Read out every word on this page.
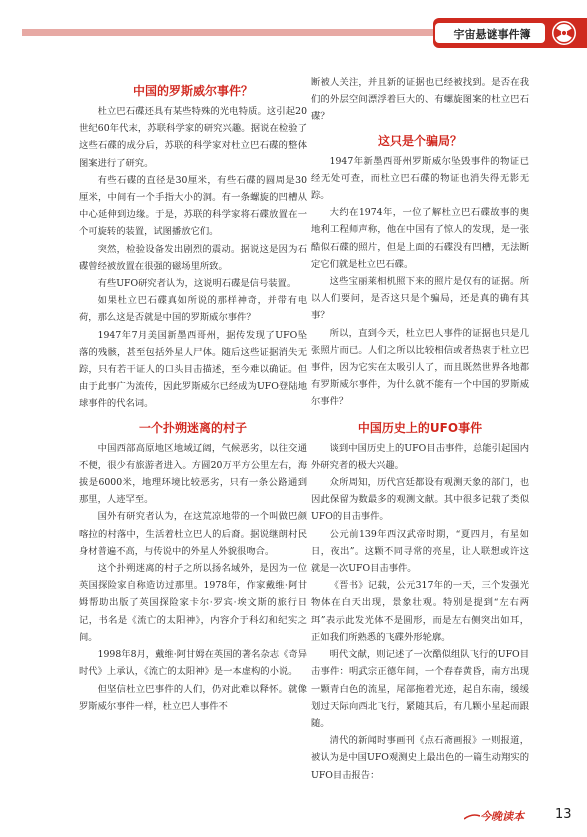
宇宙悬谜事件簿
中国的罗斯威尔事件？

杜立巴石碟还具有某些特殊的光电特质。这引起20世纪60年代末，苏联科学家的研究兴趣。据说在检验了这些石碟的成分后，苏联的科学家对杜立巴石碟的整体图案进行了研究。

有些石碟的直径是30厘米，有些石碟的圆周是30厘米，中间有一个手指大小的洞。有一条螺旋的凹槽从中心延伸到边缘。于是，苏联的科学家将石碟放置在一个可旋转的装置，试图播放它们。

突然，检验设备发出剧烈的震动。据说这是因为石碟曾经被放置在很强的磁场里所致。

有些UFO研究者认为，这说明石碟是信号装置。

如果杜立巴石碟真如所说的那样神奇，并带有电荷，那么这是否就是中国的罗斯威尔事件？

1947年7月美国新墨西哥州，据传发现了UFO坠落的残骸，甚至包括外星人尸体。随后这些证据消失无踪，只有若干证人的口头目击描述，至今难以确证。但由于此事广为流传，因此罗斯威尔已经成为UFO登陆地球事件的代名词。

一个扑朔迷离的村子

中国西部高原地区地域辽阔，气候恶劣，以往交通不便，很少有旅游者进入。方圆20万平方公里左右，海拔是6000米，地理环境比较恶劣，只有一条公路通到那里，人迹罕至。

国外有研究者认为，在这荒凉地带的一个叫做巴颜喀拉的村落中，生活着杜立巴人的后裔。据说继朗村民身材普遍不高，与传说中的外星人外貌很吻合。

这个扑朔迷离的村子之所以扬名域外，是因为一位英国探险家自称造访过那里。1978年，作家戴维·阿甘姆帮助出版了英国探险家卡尔·罗宾·埃文斯的旅行日记，书名是《流亡的太阳神》，内容介于科幻和纪实之间。

1998年8月，戴维·阿甘姆在英国的著名杂志《奇异时代》上承认，《流亡的太阳神》是一本虚构的小说。

但坚信杜立巴事件的人们，仍对此难以释怀。就像罗斯威尔事件一样，杜立巴人事件不

断被人关注，并且新的证据也已经被找到。是否在我们的外层空间漂浮着巨大的、有螺旋图案的杜立巴石碟？

这只是个骗局？

1947年新墨西哥州罗斯威尔坠毁事件的物证已经无处可查，而杜立巴石碟的物证也消失得无影无踪。

大约在1974年，一位了解杜立巴石碟故事的奥地利工程师声称，他在中国有了惊人的发现，是一张酷似石碟的照片，但是上面的石碟没有凹槽，无法断定它们就是杜立巴石碟。

这些宝丽莱相机照下来的照片是仅有的证据。所以人们要问，是否这只是个骗局，还是真的确有其事？

所以，直到今天，杜立巴人事件的证据也只是几张照片而已。人们之所以比较相信或者热衷于杜立巴事件，因为它实在太吸引人了，而且既然世界各地都有罗斯威尔事件，为什么就不能有一个中国的罗斯威尔事件？

中国历史上的UFO事件

谈到中国历史上的UFO目击事件，总能引起国内外研究者的极大兴趣。

众所周知，历代宫廷都设有观测天象的部门，也因此保留为数最多的观测文献。其中很多记载了类似UFO的目击事件。

公元前139年西汉武帝时期，“夏四月，有星如日，夜出”。这颗不同寻常的亮星，让人联想或许这就是一次UFO目击事件。

《晋书》记载，公元317年的一天，三个发强光物体在白天出现，景象壮观。特别是提到“左右两珥”表示此发光体不是圆形，而是左右侧突出如耳，正如我们所熟悉的飞碟外形轮廓。

明代文献，则记述了一次酷似组队飞行的UFO目击事件：明武宗正德年间，一个春春黄昏，南方出现一颗青白色的流星，尾部拖着光迹，起自东南，缓缓划过天际向西北飞行，紧随其后，有几颗小星起而跟随。

清代的新闻时事画刊《点石斋画报》一则报道，被认为是中国UFO观测史上最出色的一篇生动翔实的UFO目击报告：

今晚读本 13
